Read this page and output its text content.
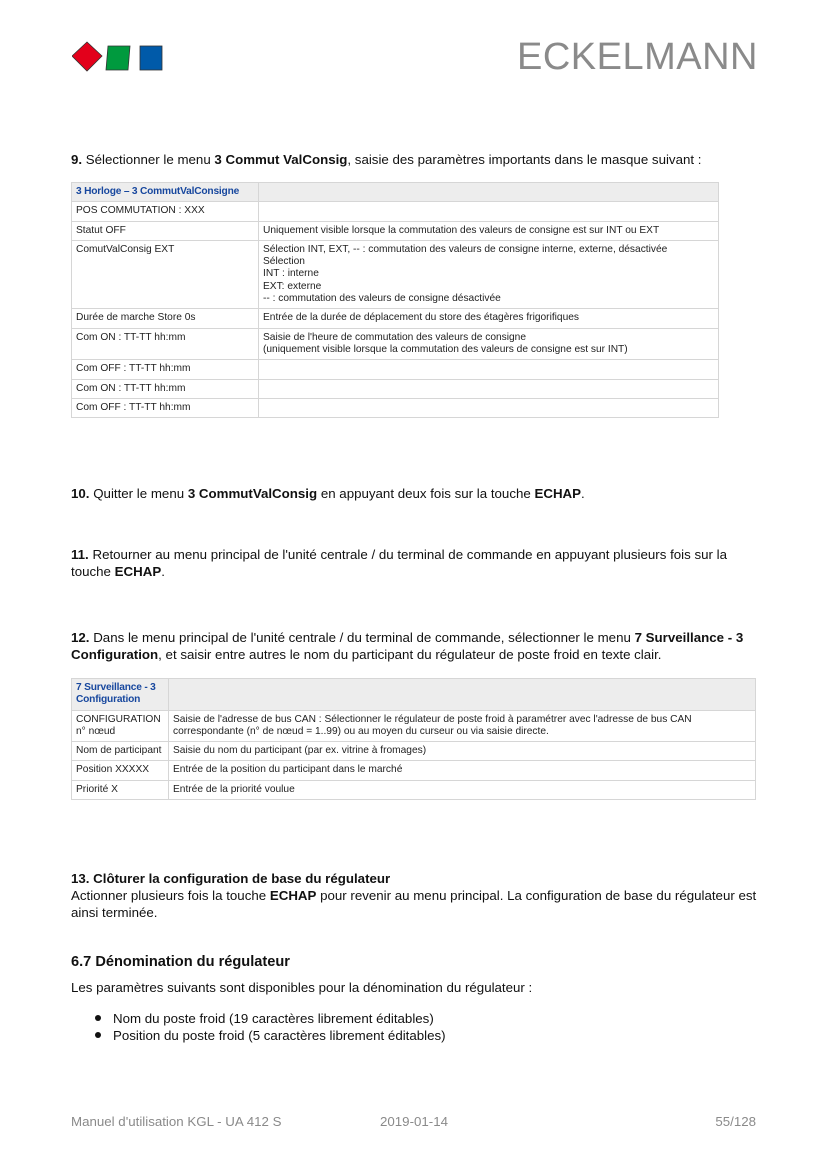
ECKELMANN
9. Sélectionner le menu 3 Commut ValConsig, saisie des paramètres importants dans le masque suivant :
3 Horloge – 3 CommutValConsigne	
POS COMMUTATION : XXX	
Statut OFF	Uniquement visible lorsque la commutation des valeurs de consigne est sur INT ou EXT
ComutValConsig EXT	Sélection INT, EXT, -- : commutation des valeurs de consigne interne, externe, désactivée
Sélection
INT : interne
EXT: externe
-- : commutation des valeurs de consigne désactivée

Durée de marche Store 0s	Entrée de la durée de déplacement du store des étagères frigorifiques
Com ON : TT-TT hh:mm	Saisie de l'heure de commutation des valeurs de consigne
(uniquement visible lorsque la commutation des valeurs de consigne est sur INT)

Com OFF : TT-TT hh:mm	
Com ON : TT-TT hh:mm	
Com OFF : TT-TT hh:mm	
10. Quitter le menu 3 CommutValConsig en appuyant deux fois sur la touche ECHAP.
11. Retourner au menu principal de l'unité centrale / du terminal de commande en appuyant plusieurs fois sur la touche ECHAP.
12. Dans le menu principal de l'unité centrale / du terminal de commande, sélectionner le menu 7 Surveillance - 3 Configuration, et saisir entre autres le nom du participant du régulateur de poste froid en texte clair.
7 Surveillance - 3 Configuration	
CONFIGURATION n° nœud	Saisie de l'adresse de bus CAN : Sélectionner le régulateur de poste froid à paramétrer avec l'adresse de bus CAN correspondante (n° de nœud = 1..99) ou au moyen du curseur ou via saisie directe.
Nom de participant	Saisie du nom du participant (par ex. vitrine à fromages)
Position XXXXX	Entrée de la position du participant dans le marché
Priorité X	Entrée de la priorité voulue
13. Clôturer la configuration de base du régulateur
Actionner plusieurs fois la touche ECHAP pour revenir au menu principal. La configuration de base du régulateur est ainsi terminée.
6.7 Dénomination du régulateur
Les paramètres suivants sont disponibles pour la dénomination du régulateur :
Nom du poste froid (19 caractères librement éditables)
Position du poste froid (5 caractères librement éditables)
Manuel d'utilisation KGL - UA 412 S	2019-01-14	55/128
